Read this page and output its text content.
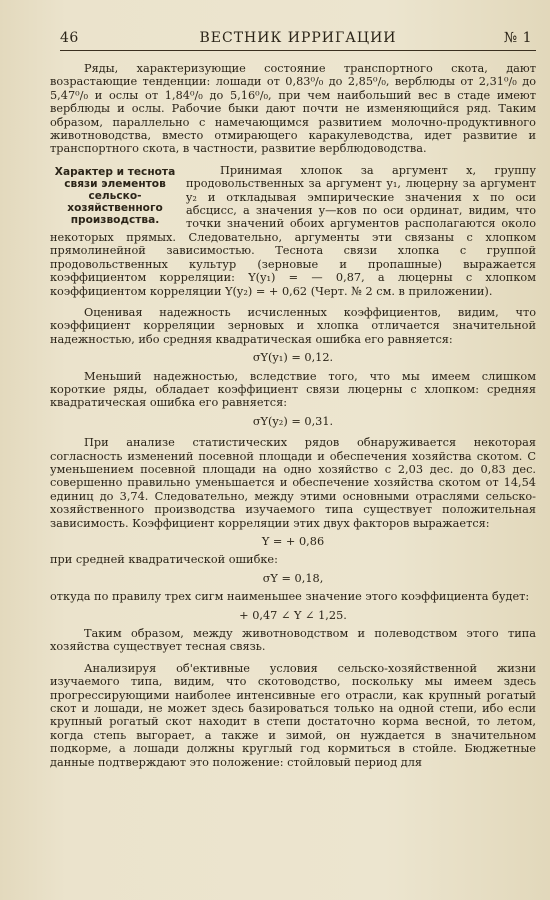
46	ВЕСТНИК ИРРИГАЦИИ	№ 1

Ряды, характеризующие состояние транспортного скота, дают возрастающие тенденции: лошади от 0,83⁰/₀ до 2,85⁰/₀, верблюды от 2,31⁰/₀ до 5,47⁰/₀ и ослы от 1,84⁰/₀ до 5,16⁰/₀, при чем наибольший вес в стаде имеют верблюды и ослы. Рабочие быки дают почти не изменяющийся ряд. Таким образом, параллельно с намечающимся развитием молочно-продуктивного животноводства, вместо отмирающего каракулеводства, идет развитие и транспортного скота, в частности, развитие верблюдоводства.

Характер и теснота связи элементов сельско-хозяйственного производства.

Принимая хлопок за аргумент x, группу продовольственных за аргумент y₁, люцерну за аргумент y₂ и откладывая эмпирические значения x по оси абсцисс, а значения y—ков по оси ординат, видим, что точки значений обоих аргументов располагаются около некоторых прямых. Следовательно, аргументы эти связаны с хлопком прямолинейной зависимостью. Теснота связи хлопка с группой продовольственных культур (зерновые и пропашные) выражается коэффициентом корреляции: Υ(y₁) = — 0,87, а люцерны с хлопком коэффициентом корреляции Υ(y₂) = + 0,62 (Черт. № 2 см. в приложении).

Оценивая надежность исчисленных коэффициентов, видим, что коэффициент корреляции зерновых и хлопка отличается значительной надежностью, ибо средняя квадратическая ошибка его равняется:

σΥ(y₁) = 0,12.

Меньший надежностью, вследствие того, что мы имеем слишком короткие ряды, обладает коэффициент связи люцерны с хлопком: средняя квадратическая ошибка его равняется:

σΥ(y₂) = 0,31.

При анализе статистических рядов обнаруживается некоторая согласность изменений посевной площади и обеспечения хозяйства скотом. С уменьшением посевной площади на одно хозяйство с 2,03 дес. до 0,83 дес. совершенно правильно уменьшается и обеспечение хозяйства скотом от 14,54 единиц до 3,74. Следовательно, между этими основными отраслями сельско-хозяйственного производства изучаемого типа существует положительная зависимость. Коэффициент корреляции этих двух факторов выражается:

Υ = + 0,86

при средней квадратической ошибке:

σΥ = 0,18,

откуда по правилу трех сигм наименьшее значение этого коэффициента будет:

+ 0,47 ∠ Υ ∠ 1,25.

Таким образом, между животноводством и полеводством этого типа хозяйства существует тесная связь.

Анализируя об'ективные условия сельско-хозяйственной жизни изучаемого типа, видим, что скотоводство, поскольку мы имеем здесь прогрессирующими наиболее интенсивные его отрасли, как крупный рогатый скот и лошади, не может здесь базироваться только на одной степи, ибо если крупный рогатый скот находит в степи достаточно корма весной, то летом, когда степь выгорает, а также и зимой, он нуждается в значительном подкорме, а лошади должны круглый год кормиться в стойле. Бюджетные данные подтверждают это положение: стойловый период для
